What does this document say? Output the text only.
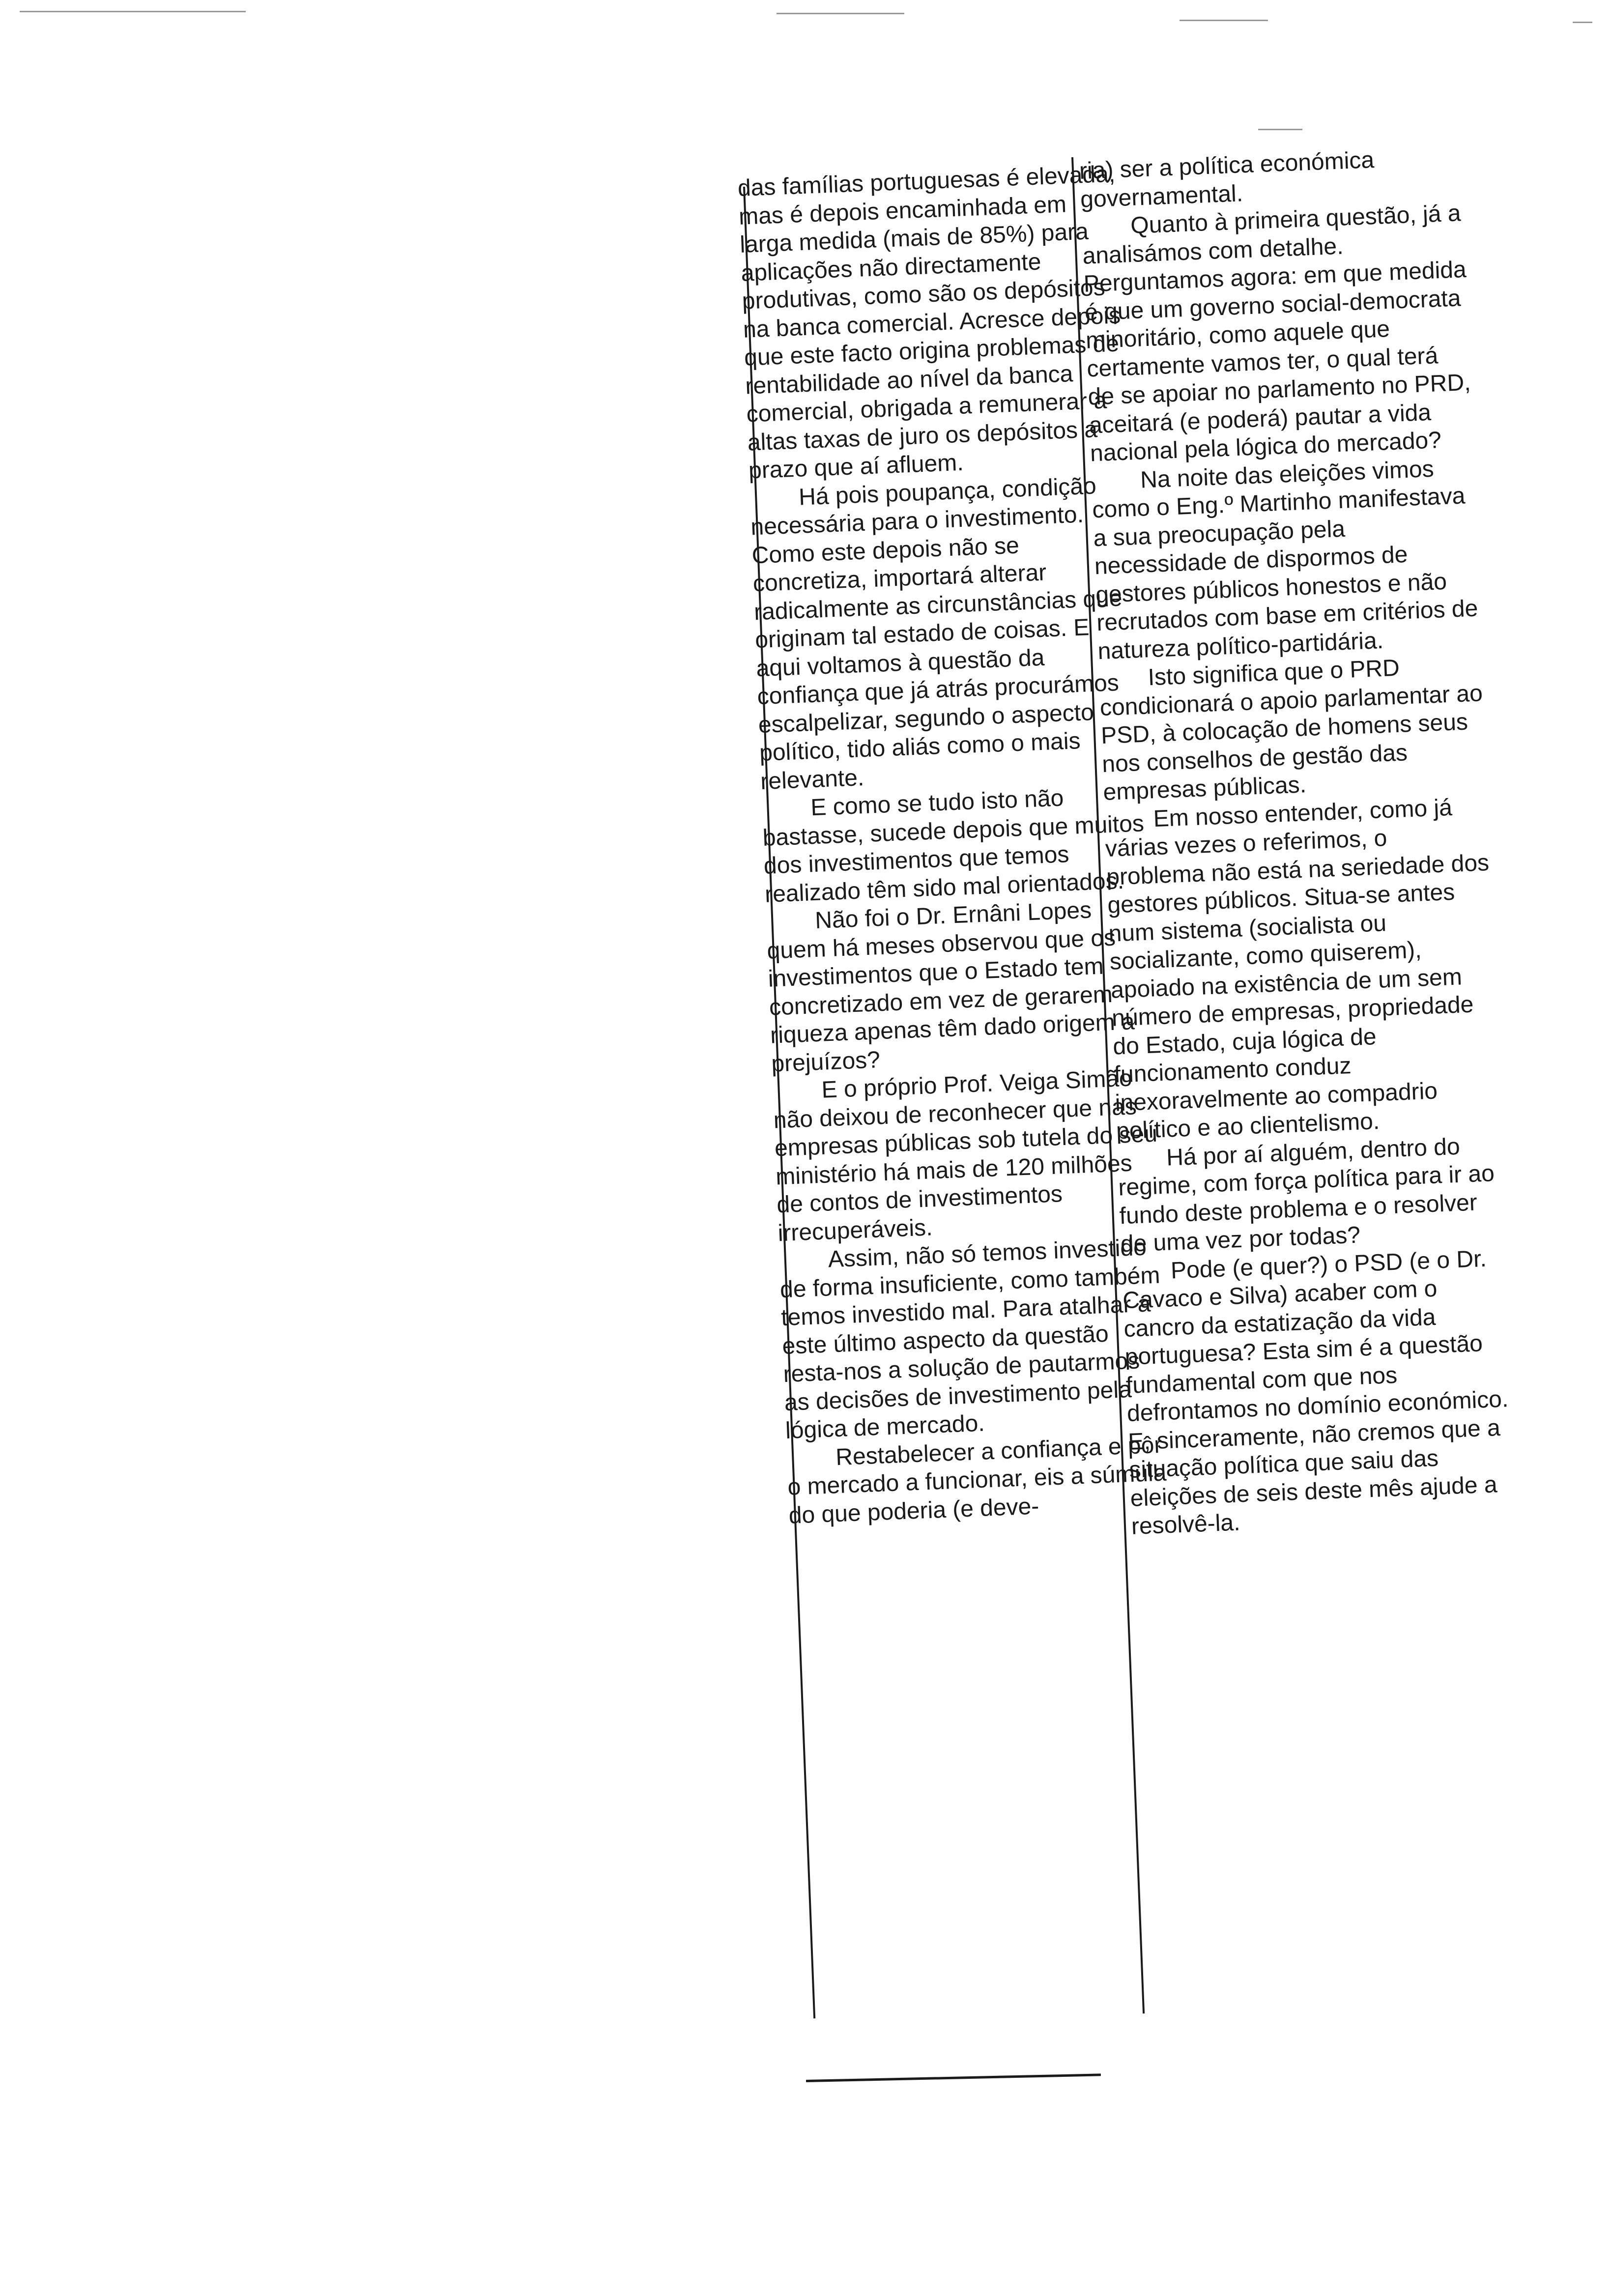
das famílias portuguesas é elevada, mas é depois encaminhada em larga medida (mais de 85%) para aplicações não directamente produtivas, como são os depósitos na banca comercial. Acresce depois que este facto origina problemas de rentabilidade ao nível da banca comercial, obrigada a remunerar a altas taxas de juro os depósitos a prazo que aí afluem.

Há pois poupança, condição necessária para o investimento. Como este depois não se concretiza, importará alterar radicalmente as circunstâncias que originam tal estado de coisas. E aqui voltamos à questão da confiança que já atrás procurámos escalpelizar, segundo o aspecto político, tido aliás como o mais relevante.

E como se tudo isto não bastasse, sucede depois que muitos dos investimentos que temos realizado têm sido mal orientados.

Não foi o Dr. Ernâni Lopes quem há meses observou que os investimentos que o Estado tem concretizado em vez de gerarem riqueza apenas têm dado origem a prejuízos?

E o próprio Prof. Veiga Simão não deixou de reconhecer que nas empresas públicas sob tutela do seu ministério há mais de 120 milhões de contos de investimentos irrecuperáveis.

Assim, não só temos investido de forma insuficiente, como também temos investido mal. Para atalhar a este último aspecto da questão resta-nos a solução de pautarmos as decisões de investimento pela lógica de mercado.

Restabelecer a confiança e pôr o mercado a funcionar, eis a súmula do que poderia (e deve-

ria) ser a política económica governamental.

Quanto à primeira questão, já a analisámos com detalhe. Perguntamos agora: em que medida é que um governo social-democrata minoritário, como aquele que certamente vamos ter, o qual terá de se apoiar no parlamento no PRD, aceitará (e poderá) pautar a vida nacional pela lógica do mercado?

Na noite das eleições vimos como o Eng.º Martinho manifestava a sua preocupação pela necessidade de dispormos de gestores públicos honestos e não recrutados com base em critérios de natureza político-partidária.

Isto significa que o PRD condicionará o apoio parlamentar ao PSD, à colocação de homens seus nos conselhos de gestão das empresas públicas.

Em nosso entender, como já várias vezes o referimos, o problema não está na seriedade dos gestores públicos. Situa-se antes num sistema (socialista ou socializante, como quiserem), apoiado na existência de um sem número de empresas, propriedade do Estado, cuja lógica de funcionamento conduz inexoravelmente ao compadrio político e ao clientelismo.

Há por aí alguém, dentro do regime, com força política para ir ao fundo deste problema e o resolver de uma vez por todas?

Pode (e quer?) o PSD (e o Dr. Cavaco e Silva) acaber com o cancro da estatização da vida portuguesa? Esta sim é a questão fundamental com que nos defrontamos no domínio económico. E, sinceramente, não cremos que a situação política que saiu das eleições de seis deste mês ajude a resolvê-la.
